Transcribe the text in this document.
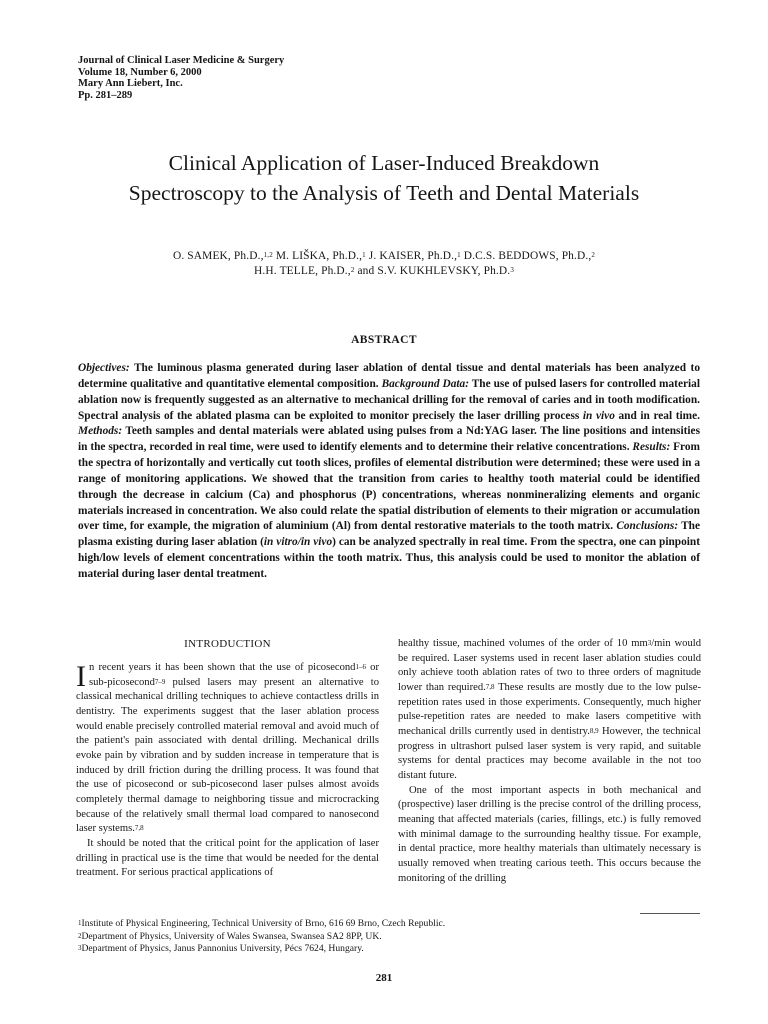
Journal of Clinical Laser Medicine & Surgery
Volume 18, Number 6, 2000
Mary Ann Liebert, Inc.
Pp. 281–289
Clinical Application of Laser-Induced Breakdown
Spectroscopy to the Analysis of Teeth and Dental Materials
O. SAMEK, Ph.D.,$^{1,2}$ M. LIŠKA, Ph.D.,$^1$ J. KAISER, Ph.D.,$^1$ D.C.S. BEDDOWS, Ph.D.,$^2$
H.H. TELLE, Ph.D.,$^2$ and S.V. KUKHLEVSKY, Ph.D.$^3$
ABSTRACT
Objectives: The luminous plasma generated during laser ablation of dental tissue and dental materials has been analyzed to determine qualitative and quantitative elemental composition. Background Data: The use of pulsed lasers for controlled material ablation now is frequently suggested as an alternative to mechanical drilling for the removal of caries and in tooth modification. Spectral analysis of the ablated plasma can be exploited to monitor precisely the laser drilling process in vivo and in real time. Methods: Teeth samples and dental materials were ablated using pulses from a Nd:YAG laser. The line positions and intensities in the spectra, recorded in real time, were used to identify elements and to determine their relative concentrations. Results: From the spectra of horizontally and vertically cut tooth slices, profiles of elemental distribution were determined; these were used in a range of monitoring applications. We showed that the transition from caries to healthy tooth material could be identified through the decrease in calcium (Ca) and phosphorus (P) concentrations, whereas nonmineralizing elements and organic materials increased in concentration. We also could relate the spatial distribution of elements to their migration or accumulation over time, for example, the migration of aluminium (Al) from dental restorative materials to the tooth matrix. Conclusions: The plasma existing during laser ablation (in vitro/in vivo) can be analyzed spectrally in real time. From the spectra, one can pinpoint high/low levels of element concentrations within the tooth matrix. Thus, this analysis could be used to monitor the ablation of material during laser dental treatment.
INTRODUCTION

In recent years it has been shown that the use of picosecond$^{1-6}$ or sub-picosecond$^{7-9}$ pulsed lasers may present an alternative to classical mechanical drilling techniques to achieve contactless drills in dentistry. The experiments suggest that the laser ablation process would enable precisely controlled material removal and avoid much of the patient's pain associated with dental drilling. Mechanical drills evoke pain by vibration and by sudden increase in temperature that is induced by drill friction during the drilling process. It was found that the use of picosecond or sub-picosecond laser pulses almost avoids completely thermal damage to neighboring tissue and microcracking because of the relatively small thermal load compared to nanosecond laser systems.$^{7,8}$

It should be noted that the critical point for the application of laser drilling in practical use is the time that would be needed for the dental treatment. For serious practical applications of

healthy tissue, machined volumes of the order of 10 $mm^3/\min$ would be required. Laser systems used in recent laser ablation studies could only achieve tooth ablation rates of two to three orders of magnitude lower than required.$^{7,8}$ These results are mostly due to the low pulse-repetition rates used in those experiments. Consequently, much higher pulse-repetition rates are needed to make lasers competitive with mechanical drills currently used in dentistry.$^{8,9}$ However, the technical progress in ultrashort pulsed laser system is very rapid, and suitable systems for dental practices may become available in the not too distant future.

One of the most important aspects in both mechanical and (prospective) laser drilling is the precise control of the drilling process, meaning that affected materials (caries, fillings, etc.) is fully removed with minimal damage to the surrounding healthy tissue. For example, in dental practice, more healthy materials than ultimately necessary is usually removed when treating carious teeth. This occurs because the monitoring of the drilling

$^1$Institute of Physical Engineering, Technical University of Brno, 616 69 Brno, Czech Republic.
$^2$Department of Physics, University of Wales Swansea, Swansea SA2 8PP, UK.
$^3$Department of Physics, Janus Pannonius University, Pécs 7624, Hungary.
281
